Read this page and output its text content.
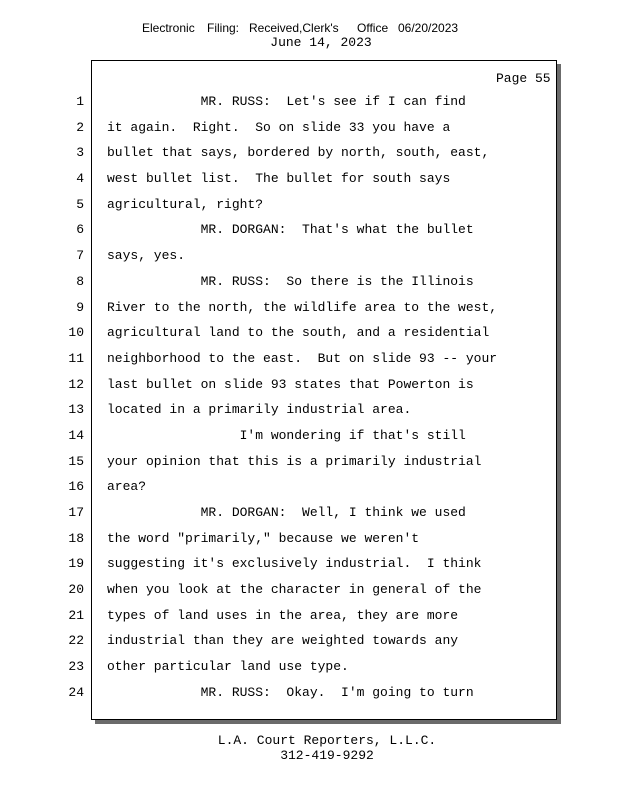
Electronic Filing: Received,Clerk's Office 06/20/2023
June 14, 2023
Page 55
1 MR. RUSS:  Let's see if I can find
2 it again.  Right.  So on slide 33 you have a
3 bullet that says, bordered by north, south, east,
4 west bullet list.  The bullet for south says
5 agricultural, right?
6 MR. DORGAN:  That's what the bullet
7 says, yes.
8 MR. RUSS:  So there is the Illinois
9 River to the north, the wildlife area to the west,
10 agricultural land to the south, and a residential
11 neighborhood to the east.  But on slide 93 -- your
12 last bullet on slide 93 states that Powerton is
13 located in a primarily industrial area.
14 I'm wondering if that's still
15 your opinion that this is a primarily industrial
16 area?
17 MR. DORGAN:  Well, I think we used
18 the word "primarily," because we weren't
19 suggesting it's exclusively industrial.  I think
20 when you look at the character in general of the
21 types of land uses in the area, they are more
22 industrial than they are weighted towards any
23 other particular land use type.
24 MR. RUSS:  Okay.  I'm going to turn
L.A. Court Reporters, L.L.C.
312-419-9292
